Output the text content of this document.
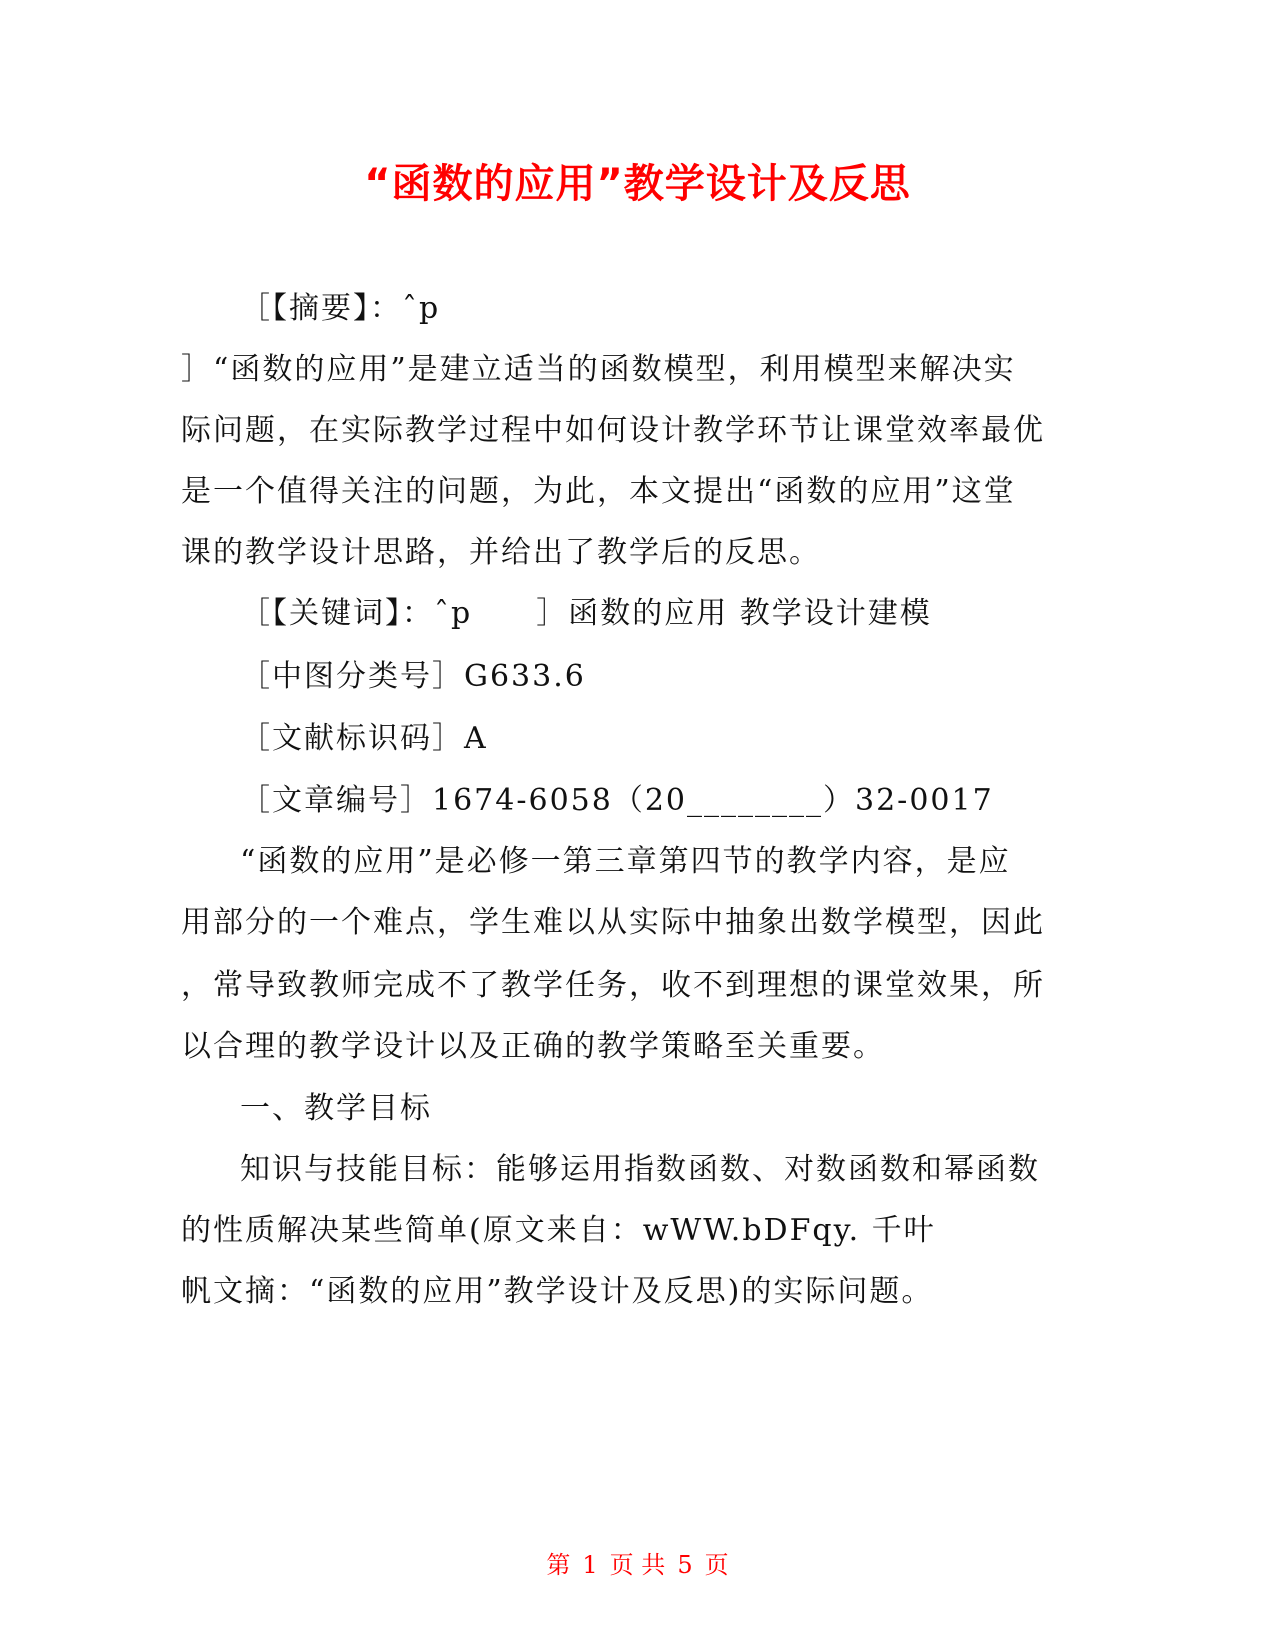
“函数的应用”教学设计及反思
［【摘要】：ˆp
］“函数的应用”是建立适当的函数模型，利用模型来解决实
际问题，在实际教学过程中如何设计教学环节让课堂效率最优
是一个值得关注的问题，为此，本文提出“函数的应用”这堂
课的教学设计思路，并给出了教学后的反思。
［【关键词】：ˆp　　］函数的应用 教学设计建模
［中图分类号］G633.6
［文献标识码］A
［文章编号］1674-6058（20________）32-0017
“函数的应用”是必修一第三章第四节的教学内容，是应
用部分的一个难点，学生难以从实际中抽象出数学模型，因此
，常导致教师完成不了教学任务，收不到理想的课堂效果，所
以合理的教学设计以及正确的教学策略至关重要。
一、教学目标
知识与技能目标：能够运用指数函数、对数函数和幂函数
的性质解决某些简单(原文来自：wWW.bDFqy. 千叶
帆文摘：“函数的应用”教学设计及反思)的实际问题。
第 1 页 共 5 页
